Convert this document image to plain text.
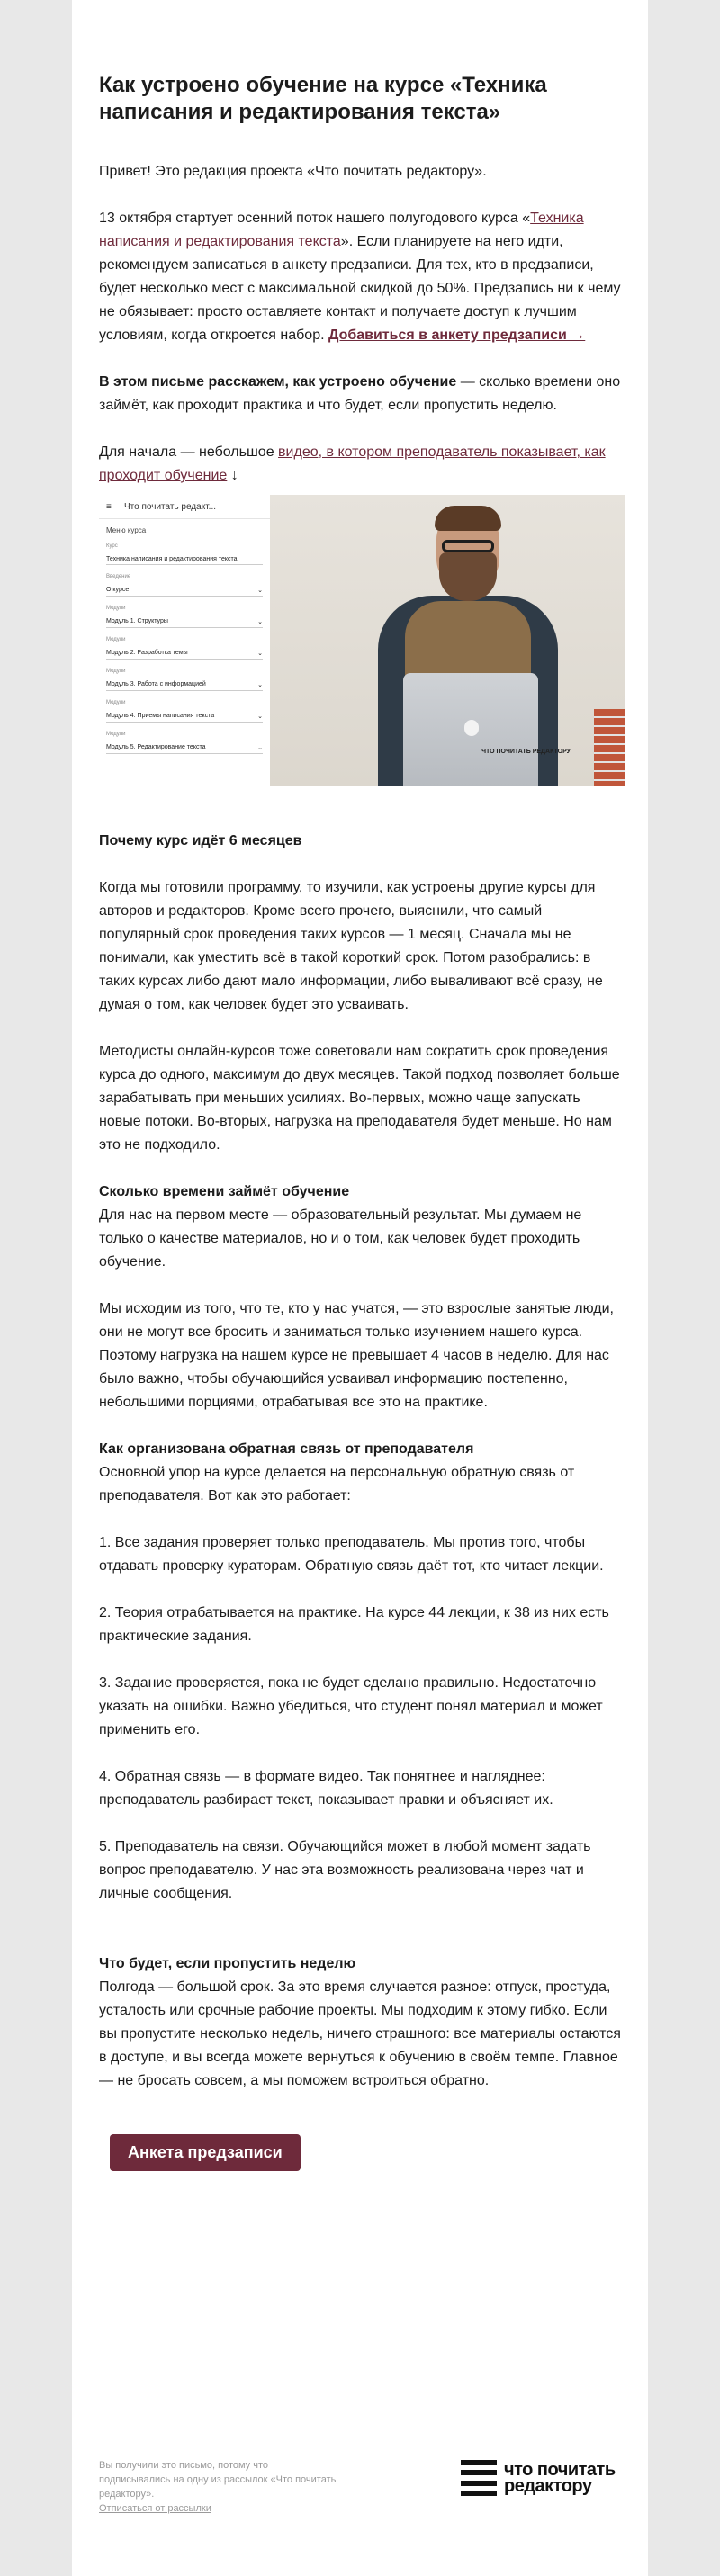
Как устроено обучение на курсе «Техника написания и редактирования текста»

Привет! Это редакция проекта «Что почитать редактору».

13 октября стартует осенний поток нашего полугодового курса «Техника написания и редактирования текста». Если планируете на него идти, рекомендуем записаться в анкету предзаписи. Для тех, кто в предзаписи, будет несколько мест с максимальной скидкой до 50%. Предзапись ни к чему не обязывает: просто оставляете контакт и получаете доступ к лучшим условиям, когда откроется набор. Добавиться в анкету предзаписи →

В этом письме расскажем, как устроено обучение — сколько времени оно займёт, как проходит практика и что будет, если пропустить неделю.

Для начала — небольшое видео, в котором преподаватель показывает, как проходит обучение ↓

≡	Что почитать редакт...
Меню курса
Курс
Техника написания и редактирования текста
Введение
О курсе	⌄
Модули
Модуль 1. Структуры	⌄
Модули
Модуль 2. Разработка темы	⌄
Модули
Модуль 3. Работа с информацией	⌄
Модули
Модуль 4. Приемы написания текста	⌄
Модули
Модуль 5. Редактирование текста	⌄
ЧТО ПОЧИТАТЬ РЕДАКТОРУ

Почему курс идёт 6 месяцев

Когда мы готовили программу, то изучили, как устроены другие курсы для авторов и редакторов. Кроме всего прочего, выяснили, что самый популярный срок проведения таких курсов — 1 месяц. Сначала мы не понимали, как уместить всё в такой короткий срок. Потом разобрались: в таких курсах либо дают мало информации, либо вываливают всё сразу, не думая о том, как человек будет это усваивать.

Методисты онлайн-курсов тоже советовали нам сократить срок проведения курса до одного, максимум до двух месяцев. Такой подход позволяет больше зарабатывать при меньших усилиях. Во-первых, можно чаще запускать новые потоки. Во-вторых, нагрузка на преподавателя будет меньше. Но нам это не подходило.

Сколько времени займёт обучение

Для нас на первом месте — образовательный результат. Мы думаем не только о качестве материалов, но и о том, как человек будет проходить обучение.

Мы исходим из того, что те, кто у нас учатся, — это взрослые занятые люди, они не могут все бросить и заниматься только изучением нашего курса. Поэтому нагрузка на нашем курсе не превышает 4 часов в неделю. Для нас было важно, чтобы обучающийся усваивал информацию постепенно, небольшими порциями, отрабатывая все это на практике.

Как организована обратная связь от преподавателя

Основной упор на курсе делается на персональную обратную связь от преподавателя. Вот как это работает:

1. Все задания проверяет только преподаватель. Мы против того, чтобы отдавать проверку кураторам. Обратную связь даёт тот, кто читает лекции.

2. Теория отрабатывается на практике. На курсе 44 лекции, к 38 из них есть практические задания.

3. Задание проверяется, пока не будет сделано правильно. Недостаточно указать на ошибки. Важно убедиться, что студент понял материал и может применить его.

4. Обратная связь — в формате видео. Так понятнее и нагляднее: преподаватель разбирает текст, показывает правки и объясняет их.

5. Преподаватель на связи. Обучающийся может в любой момент задать вопрос преподавателю. У нас эта возможность реализована через чат и личные сообщения.

Что будет, если пропустить неделю

Полгода — большой срок. За это время случается разное: отпуск, простуда, усталость или срочные рабочие проекты. Мы подходим к этому гибко. Если вы пропустите несколько недель, ничего страшного: все материалы остаются в доступе, и вы всегда можете вернуться к обучению в своём темпе. Главное — не бросать совсем, а мы поможем встроиться обратно.

Анкета предзаписи
Вы получили это письмо, потому что подписывались на одну из рассылок «Что почитать редактору».
Отписаться от рассылки
что почитать редактору
